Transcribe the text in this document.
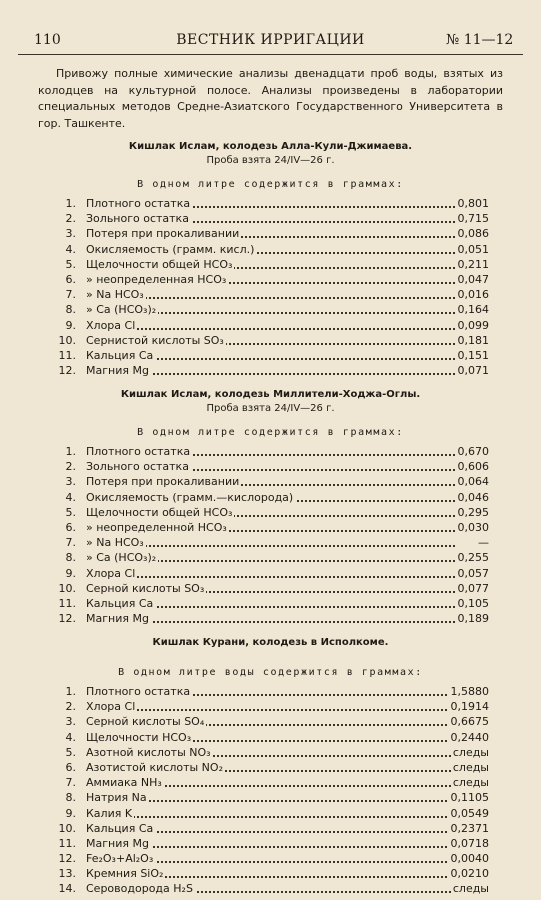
110	ВЕСТНИК ИРРИГАЦИИ	№ 11—12
Привожу полные химические анализы двенадцати проб воды, взятых из колодцев на культурной полосе. Анализы произведены в лаборатории специальных методов Средне-Азиатского Государственного Университета в гор. Ташкенте.
Кишлак Ислам, колодезь Алла-Кули-Джимаева.
Проба взята 24/IV—26 г.
В одном литре содержится в граммах:
1. Плотного остатка	0,801
2. Зольного остатка	0,715
3. Потеря при прокаливании	0,086
4. Окисляемость (грамм. кисл.)	0,051
5. Щелочности общей HCO₃	0,211
6. » неопределенная HCO₃	0,047
7. » Na HCO₃	0,016
8. » Ca (HCO₃)₂	0,164
9. Хлора Cl	0,099
10. Сернистой кислоты SO₃	0,181
11. Кальция Ca	0,151
12. Магния Mg	0,071
Кишлак Ислам, колодезь Миллители-Ходжа-Оглы.
Проба взята 24/IV—26 г.
В одном литре содержится в граммах:
1. Плотного остатка	0,670
2. Зольного остатка	0,606
3. Потеря при прокаливании	0,064
4. Окисляемость (грамм.—кислорода)	0,046
5. Щелочности общей HCO₃	0,295
6. » неопределенной HCO₃	0,030
7. » Na HCO₃	—
8. » Ca (HCO₃)₂	0,255
9. Хлора Cl	0,057
10. Серной кислоты SO₃	0,077
11. Кальция Ca	0,105
12. Магния Mg	0,189
Кишлак Курани, колодезь в Исполкоме.
В одном литре воды содержится в граммах:
1. Плотного остатка	1,5880
2. Хлора Cl	0,1914
3. Серной кислоты SO₄	0,6675
4. Щелочности HCO₃	0,2440
5. Азотной кислоты NO₃	следы
6. Азотистой кислоты NO₂	следы
7. Аммиака NH₃	следы
8. Натрия Na	0,1105
9. Калия K	0,0549
10. Кальция Ca	0,2371
11. Магния Mg	0,0718
12. Fe₂O₃+Al₂O₃	0,0040
13. Кремния SiO₂	0,0210
14. Сероводорода H₂S	следы
